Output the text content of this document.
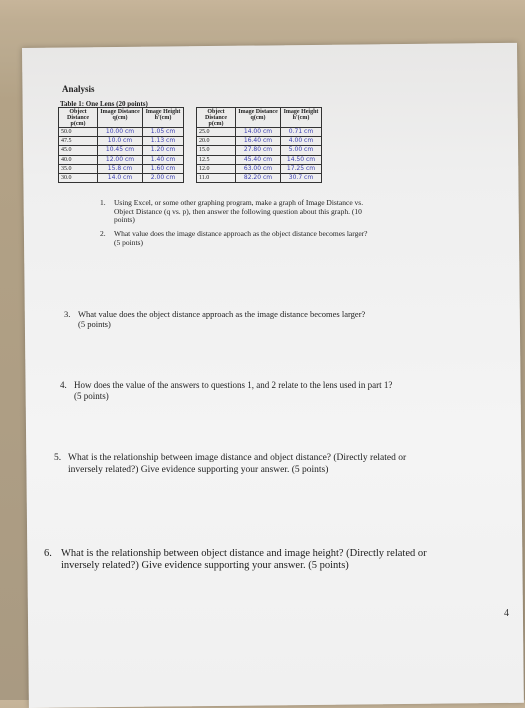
Analysis
Table 1: One Lens (20 points)
Object Distance p(cm)	Image Distance q(cm)	Image Height h'(cm)		Object Distance p(cm)	Image Distance q(cm)	Image Height h'(cm)
50.0	10.00 cm	1.05 cm		25.0	14.00 cm	0.71 cm
47.5	10.0 cm	1.13 cm		20.0	16.40 cm	4.00 cm
45.0	10.45 cm	1.20 cm		15.0	27.80 cm	5.00 cm
40.0	12.00 cm	1.40 cm		12.5	45.40 cm	14.50 cm
35.0	15.8 cm	1.60 cm		12.0	63.00 cm	17.25 cm
30.0	14.0 cm	2.00 cm		11.0	82.20 cm	30.7 cm
1. Using Excel, or some other graphing program, make a graph of Image Distance vs.
Object Distance (q vs. p), then answer the following question about this graph. (10
points)
2. What value does the image distance approach as the object distance becomes larger?
(5 points)
3. What value does the object distance approach as the image distance becomes larger?
(5 points)
4. How does the value of the answers to questions 1, and 2 relate to the lens used in part 1?
(5 points)
5. What is the relationship between image distance and object distance? (Directly related or
inversely related?) Give evidence supporting your answer. (5 points)
6. What is the relationship between object distance and image height? (Directly related or
inversely related?) Give evidence supporting your answer. (5 points)
4
